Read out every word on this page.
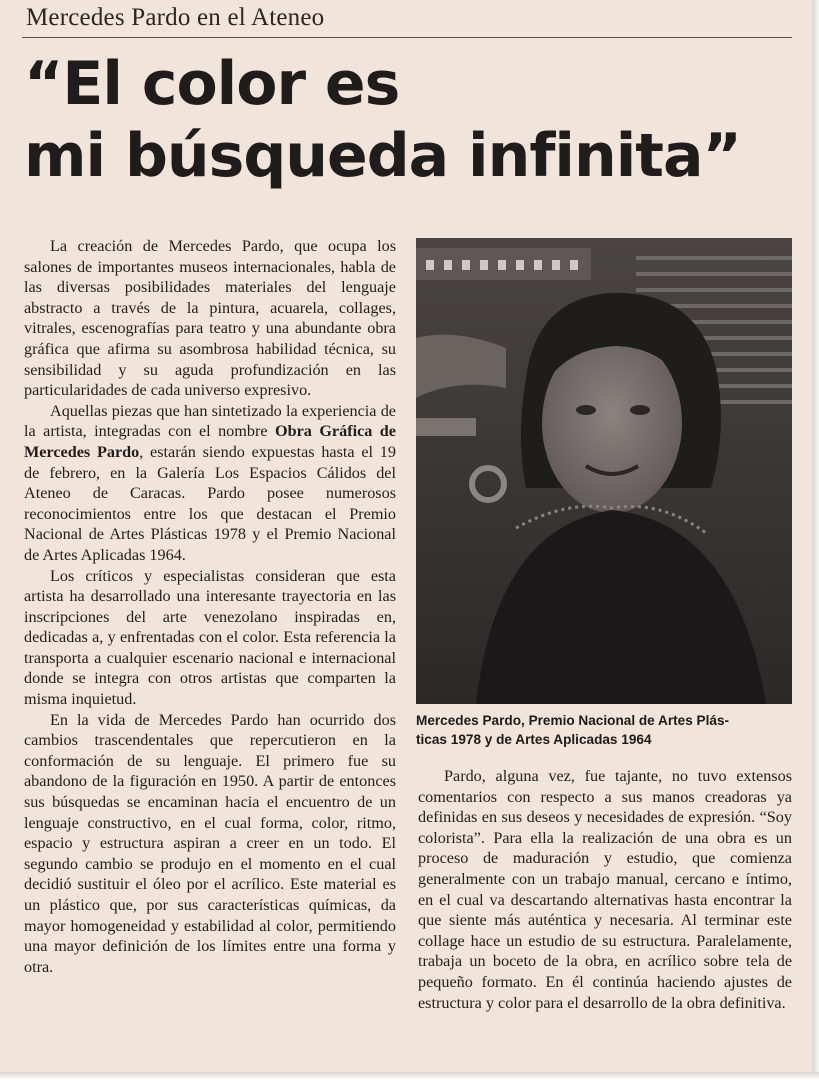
Mercedes Pardo en el Ateneo
“El color es
mi búsqueda infinita”

La creación de Mercedes Pardo, que ocupa los salones de importantes museos internacionales, habla de las diversas posibilidades materiales del lenguaje abstracto a través de la pintura, acuarela, collages, vitrales, escenografías para teatro y una abundante obra gráfica que afirma su asombrosa habilidad técnica, su sensibilidad y su aguda profundización en las particularidades de cada universo expresivo.

Aquellas piezas que han sintetizado la experiencia de la artista, integradas con el nombre Obra Gráfica de Mercedes Pardo, estarán siendo expuestas hasta el 19 de febrero, en la Galería Los Espacios Cálidos del Ateneo de Caracas. Pardo posee numerosos reconocimientos entre los que destacan el Premio Nacional de Artes Plásticas 1978 y el Premio Nacional de Artes Aplicadas 1964.

Los críticos y especialistas consideran que esta artista ha desarrollado una interesante trayectoria en las inscripciones del arte venezolano inspiradas en, dedicadas a, y enfrentadas con el color. Esta referencia la transporta a cualquier escenario nacional e internacional donde se integra con otros artistas que comparten la misma inquietud.

En la vida de Mercedes Pardo han ocurrido dos cambios trascendentales que repercutieron en la conformación de su lenguaje. El primero fue su abandono de la figuración en 1950. A partir de entonces sus búsquedas se encaminan hacia el encuentro de un lenguaje constructivo, en el cual forma, color, ritmo, espacio y estructura aspiran a creer en un todo. El segundo cambio se produjo en el momento en el cual decidió sustituir el óleo por el acrílico. Este material es un plástico que, por sus características químicas, da mayor homogeneidad y estabilidad al color, permitiendo una mayor definición de los límites entre una forma y otra.

Mercedes Pardo, Premio Nacional de Artes Plás-
ticas 1978 y de Artes Aplicadas 1964

Pardo, alguna vez, fue tajante, no tuvo extensos comentarios con respecto a sus manos creadoras ya definidas en sus deseos y necesidades de expresión. “Soy colorista”. Para ella la realización de una obra es un proceso de maduración y estudio, que comienza generalmente con un trabajo manual, cercano e íntimo, en el cual va descartando alternativas hasta encontrar la que siente más auténtica y necesaria. Al terminar este collage hace un estudio de su estructura. Paralelamente, trabaja un boceto de la obra, en acrílico sobre tela de pequeño formato. En él continúa haciendo ajustes de estructura y color para el desarrollo de la obra definitiva.
